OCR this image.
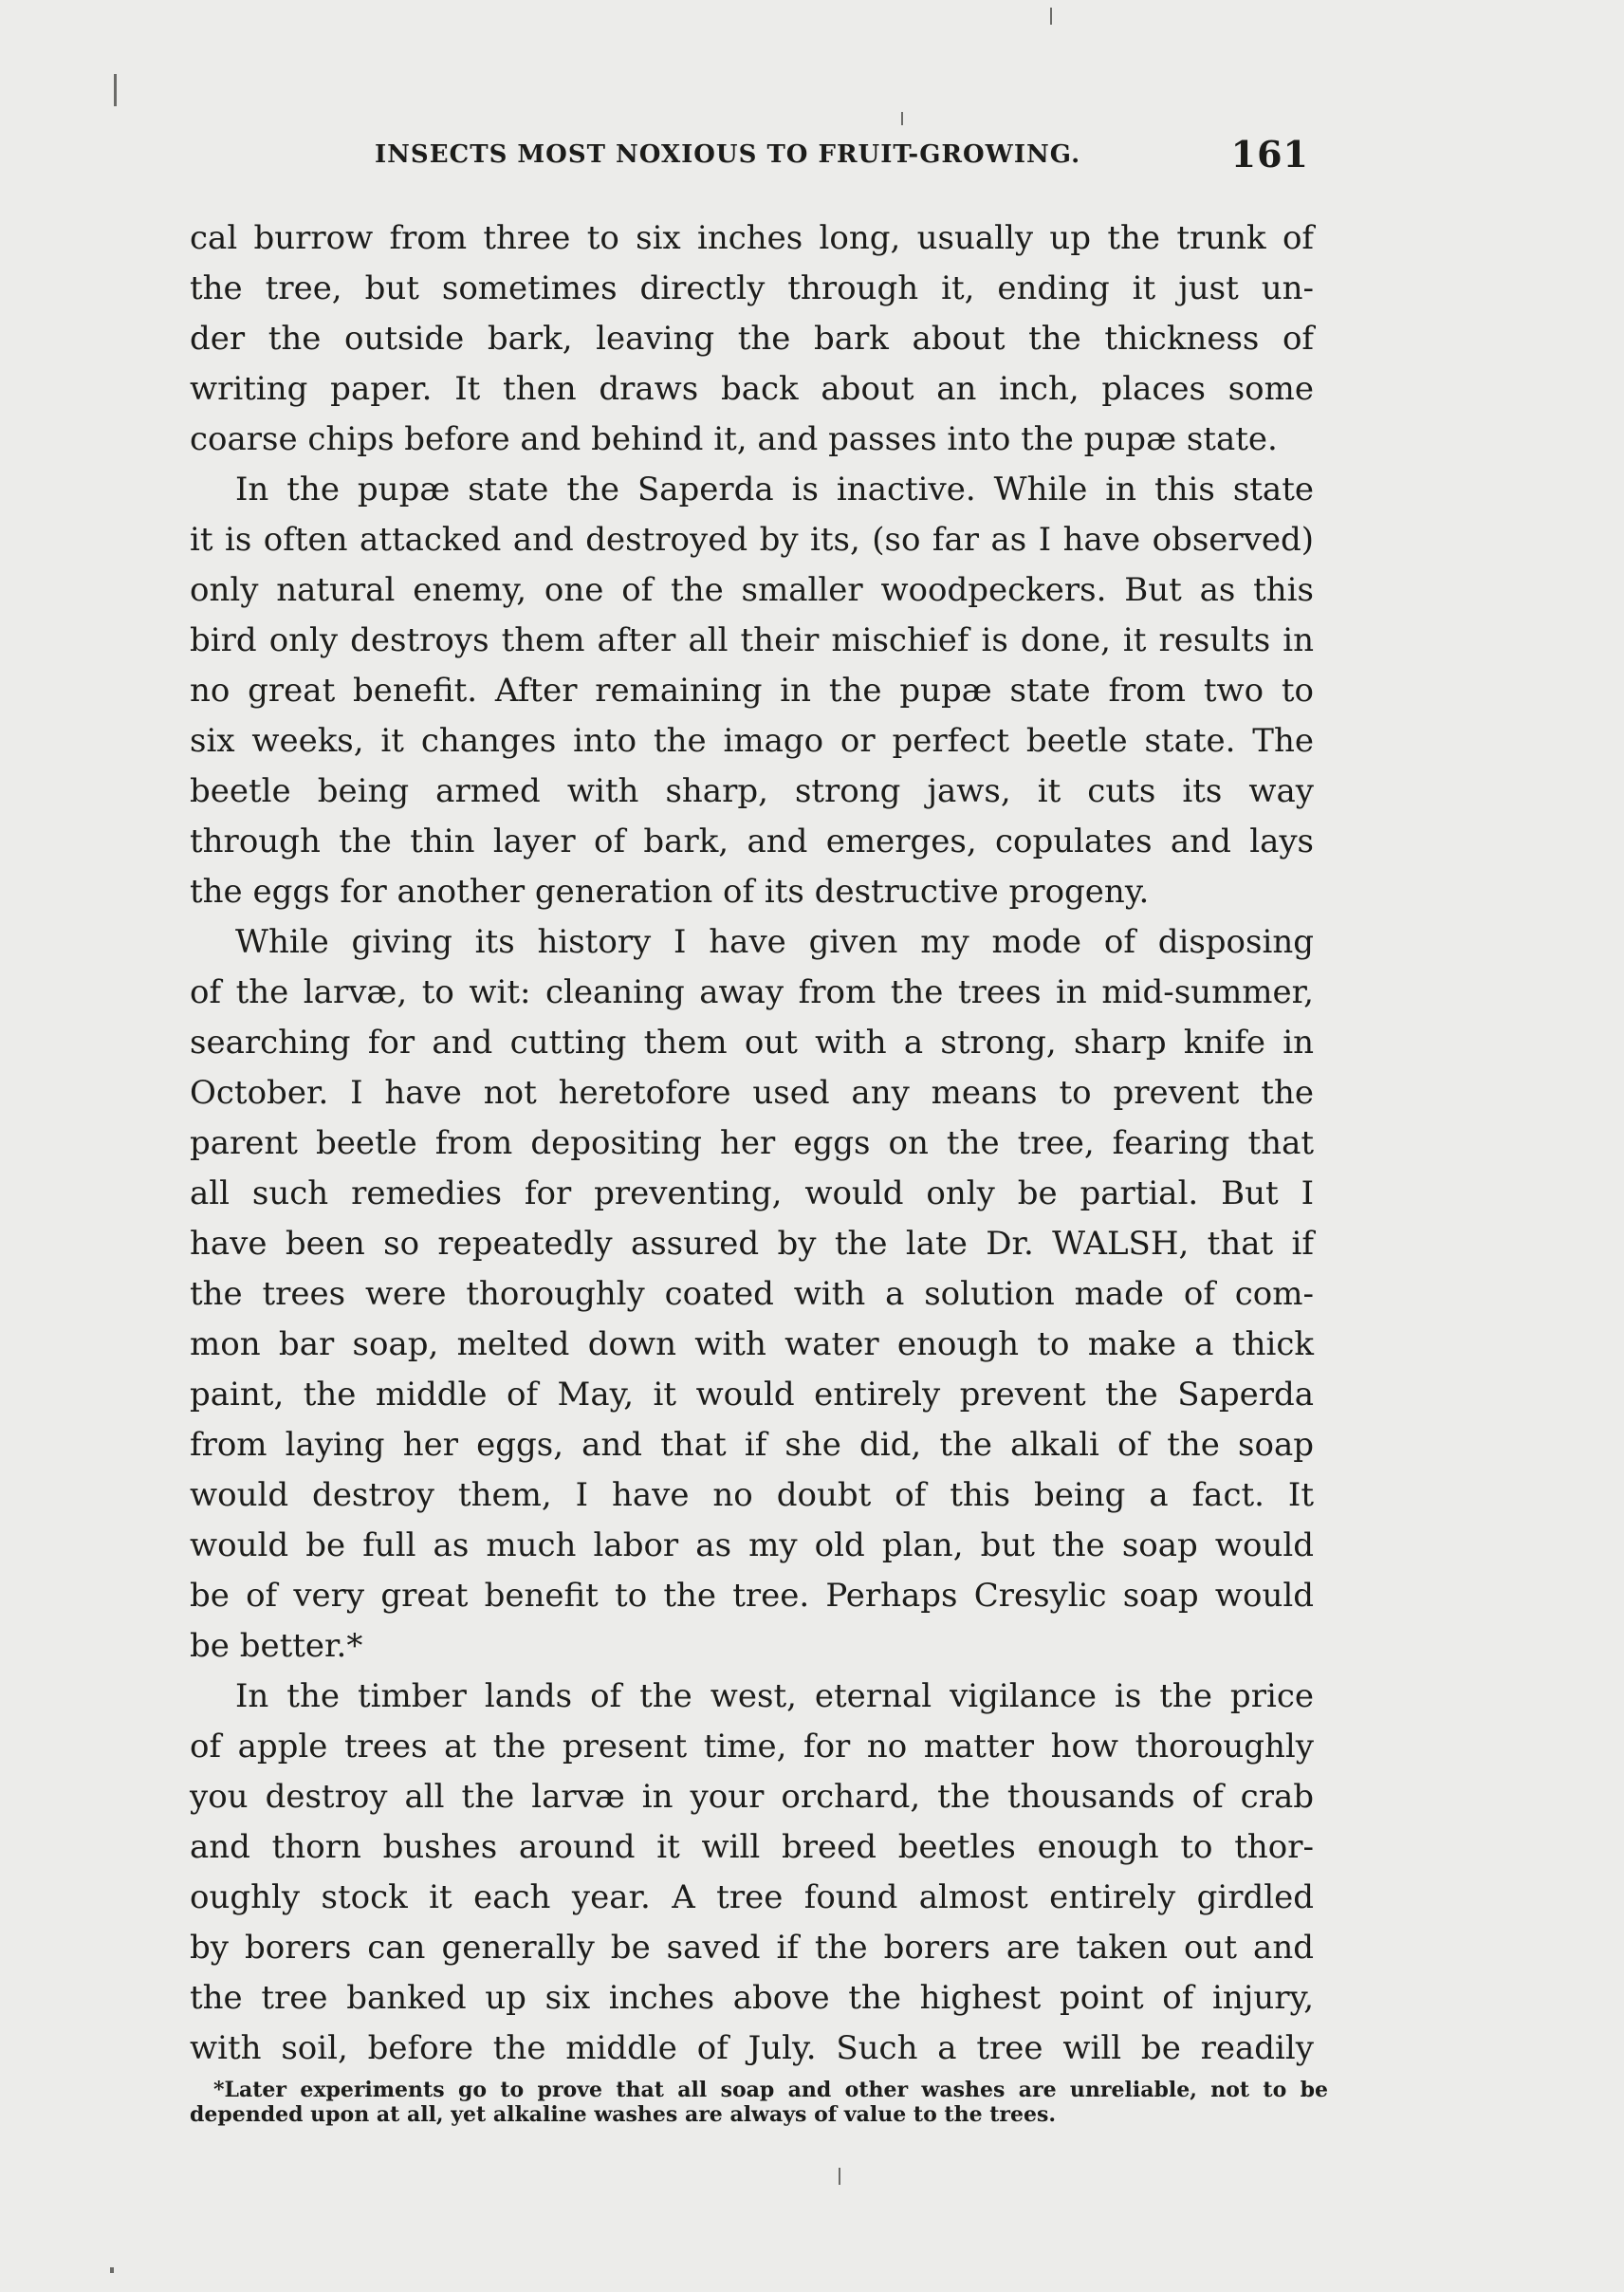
INSECTS MOST NOXIOUS TO FRUIT-GROWING.	161
cal burrow from three to six inches long, usually up the trunk of
the tree, but sometimes directly through it, ending it just un-
der the outside bark, leaving the bark about the thickness of
writing paper. It then draws back about an inch, places some
coarse chips before and behind it, and passes into the pupæ state.
In the pupæ state the Saperda is inactive. While in this state
it is often attacked and destroyed by its, (so far as I have observed)
only natural enemy, one of the smaller woodpeckers. But as this
bird only destroys them after all their mischief is done, it results in
no great benefit. After remaining in the pupæ state from two to
six weeks, it changes into the imago or perfect beetle state. The
beetle being armed with sharp, strong jaws, it cuts its way
through the thin layer of bark, and emerges, copulates and lays
the eggs for another generation of its destructive progeny.
While giving its history I have given my mode of disposing
of the larvæ, to wit: cleaning away from the trees in mid-summer,
searching for and cutting them out with a strong, sharp knife in
October. I have not heretofore used any means to prevent the
parent beetle from depositing her eggs on the tree, fearing that
all such remedies for preventing, would only be partial. But I
have been so repeatedly assured by the late Dr. WALSH, that if
the trees were thoroughly coated with a solution made of com-
mon bar soap, melted down with water enough to make a thick
paint, the middle of May, it would entirely prevent the Saperda
from laying her eggs, and that if she did, the alkali of the soap
would destroy them, I have no doubt of this being a fact. It
would be full as much labor as my old plan, but the soap would
be of very great benefit to the tree. Perhaps Cresylic soap would
be better.*
In the timber lands of the west, eternal vigilance is the price
of apple trees at the present time, for no matter how thoroughly
you destroy all the larvæ in your orchard, the thousands of crab
and thorn bushes around it will breed beetles enough to thor-
oughly stock it each year. A tree found almost entirely girdled
by borers can generally be saved if the borers are taken out and
the tree banked up six inches above the highest point of injury,
with soil, before the middle of July. Such a tree will be readily
*Later experiments go to prove that all soap and other washes are unreliable, not to be
depended upon at all, yet alkaline washes are always of value to the trees.
